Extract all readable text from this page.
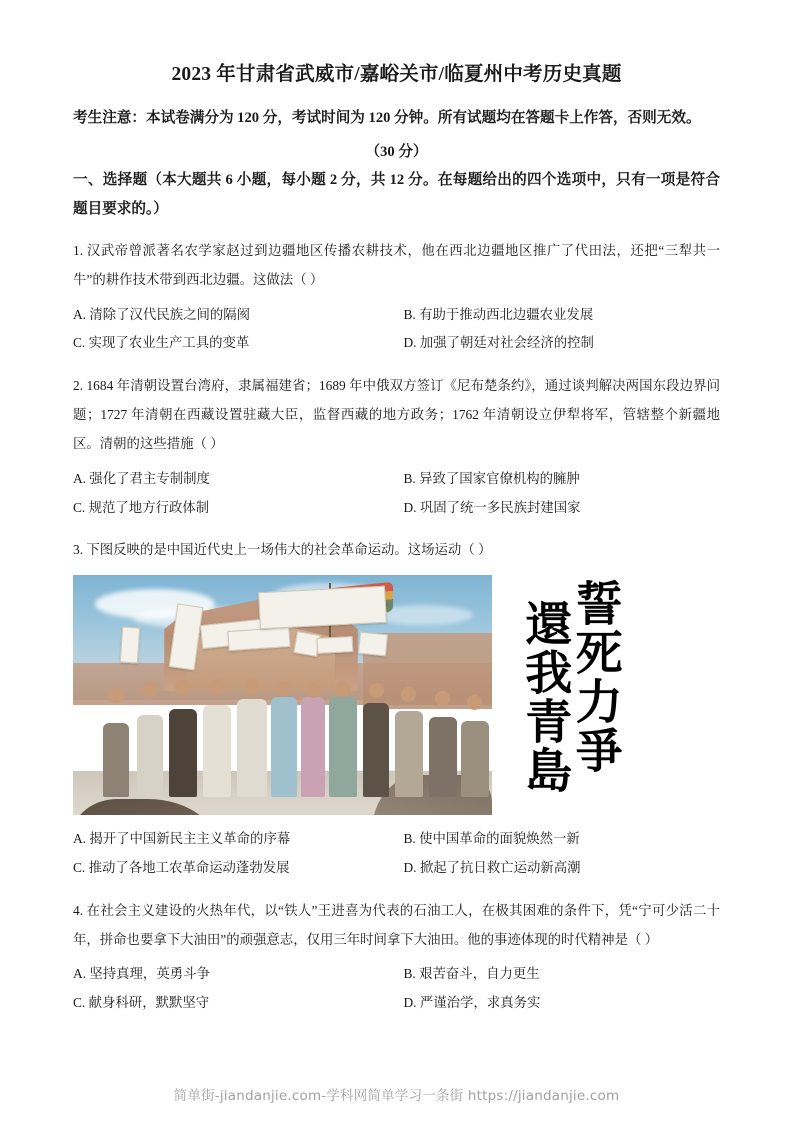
2023 年甘肃省武威市/嘉峪关市/临夏州中考历史真题
考生注意：本试卷满分为 120 分，考试时间为 120 分钟。所有试题均在答题卡上作答，否则无效。
（30 分）
一、选择题（本大题共 6 小题，每小题 2 分，共 12 分。在每题给出的四个选项中，只有一项是符合题目要求的。）
1. 汉武帝曾派著名农学家赵过到边疆地区传播农耕技术，他在西北边疆地区推广了代田法，还把“三犁共一牛”的耕作技术带到西北边疆。这做法（ ）
A. 清除了汉代民族之间的隔阂	B. 有助于推动西北边疆农业发展
C. 实现了农业生产工具的变革	D. 加强了朝廷对社会经济的控制
2. 1684 年清朝设置台湾府，隶属福建省；1689 年中俄双方签订《尼布楚条约》，通过谈判解决两国东段边界问题；1727 年清朝在西藏设置驻藏大臣，监督西藏的地方政务；1762 年清朝设立伊犁将军，管辖整个新疆地区。清朝的这些措施（ ）
A. 强化了君主专制制度	B. 异致了国家官僚机构的臃肿
C. 规范了地方行政体制	D. 巩固了统一多民族封建国家
3. 下图反映的是中国近代史上一场伟大的社会革命运动。这场运动（ ）
誓死力爭
還我青島
A. 揭开了中国新民主主义革命的序幕	B. 使中国革命的面貌焕然一新
C. 推动了各地工农革命运动蓬勃发展	D. 掀起了抗日救亡运动新高潮
4. 在社会主义建设的火热年代，以“铁人”王进喜为代表的石油工人，在极其困难的条件下，凭“宁可少活二十年，拼命也要拿下大油田”的顽强意志，仅用三年时间拿下大油田。他的事迹体现的时代精神是（ ）
A. 坚持真理，英勇斗争	B. 艰苦奋斗，自力更生
C. 献身科研，默默坚守	D. 严谨治学，求真务实
简单街-jiandanjie.com-学科网简单学习一条街 https://jiandanjie.com
